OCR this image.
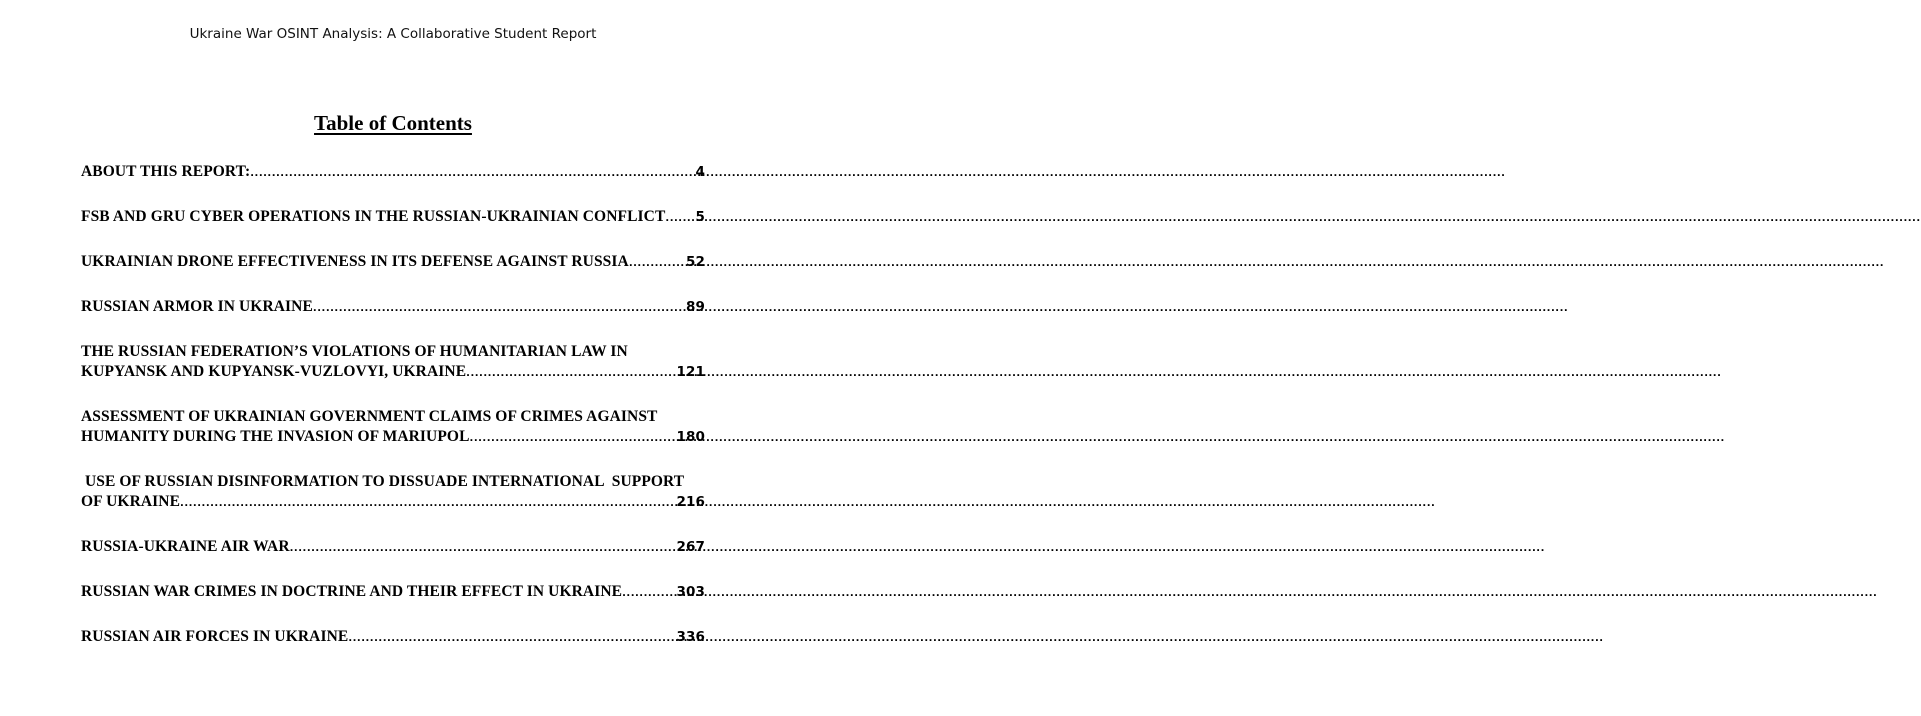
Ukraine War OSINT Analysis: A Collaborative Student Report
Table of Contents
ABOUT THIS REPORT: .....	4
FSB AND GRU CYBER OPERATIONS IN THE RUSSIAN-UKRAINIAN CONFLICT ..... 5
UKRAINIAN DRONE EFFECTIVENESS IN ITS DEFENSE AGAINST RUSSIA .....	52
RUSSIAN ARMOR IN UKRAINE .....	89
THE RUSSIAN FEDERATION’S VIOLATIONS OF HUMANITARIAN LAW IN
KUPYANSK AND KUPYANSK-VUZLOVYI, UKRAINE .....	121
ASSESSMENT OF UKRAINIAN GOVERNMENT CLAIMS OF CRIMES AGAINST
HUMANITY DURING THE INVASION OF MARIUPOL .....	180
USE OF RUSSIAN DISINFORMATION TO DISSUADE INTERNATIONAL  SUPPORT
OF UKRAINE .....	216
RUSSIA-UKRAINE AIR WAR .....	267
RUSSIAN WAR CRIMES IN DOCTRINE AND THEIR EFFECT IN UKRAINE .....	303
RUSSIAN AIR FORCES IN UKRAINE .....	336
